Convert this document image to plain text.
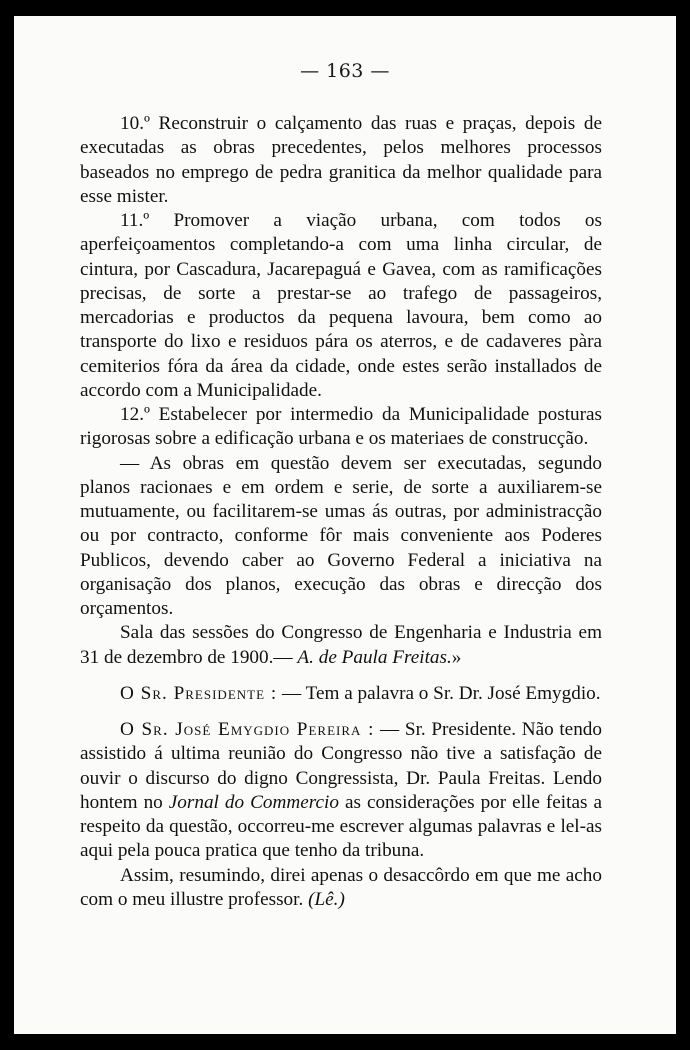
— 163 —

10.º Reconstruir o calçamento das ruas e praças, depois de executadas as obras precedentes, pelos melhores processos baseados no emprego de pedra granitica da melhor qualidade para esse mister.

11.º Promover a viação urbana, com todos os aperfeiçoamentos completando-a com uma linha circular, de cintura, por Cascadura, Jacarepaguá e Gavea, com as ramificações precisas, de sorte a prestar-se ao trafego de passageiros, mercadorias e productos da pequena lavoura, bem como ao transporte do lixo e residuos pára os aterros, e de cadaveres pàra cemiterios fóra da área da cidade, onde estes serão installados de accordo com a Municipalidade.

12.º Estabelecer por intermedio da Municipalidade posturas rigorosas sobre a edificação urbana e os materiaes de construcção.

— As obras em questão devem ser executadas, segundo planos racionaes e em ordem e serie, de sorte a auxiliarem-se mutuamente, ou facilitarem-se umas ás outras, por administracção ou por contracto, conforme fôr mais conveniente aos Poderes Publicos, devendo caber ao Governo Federal a iniciativa na organisação dos planos, execução das obras e direcção dos orçamentos.

Sala das sessões do Congresso de Engenharia e Industria em 31 de dezembro de 1900.— A. de Paula Freitas.»

O Sr. Presidente : — Tem a palavra o Sr. Dr. José Emygdio.

O Sr. José Emygdio Pereira : — Sr. Presidente. Não tendo assistido á ultima reunião do Congresso não tive a satisfação de ouvir o discurso do digno Congressista, Dr. Paula Freitas. Lendo hontem no Jornal do Commercio as considerações por elle feitas a respeito da questão, occorreu-me escrever algumas palavras e lel-as aqui pela pouca pratica que tenho da tribuna.

Assim, resumindo, direi apenas o desaccôrdo em que me acho com o meu illustre professor. (Lê.)
